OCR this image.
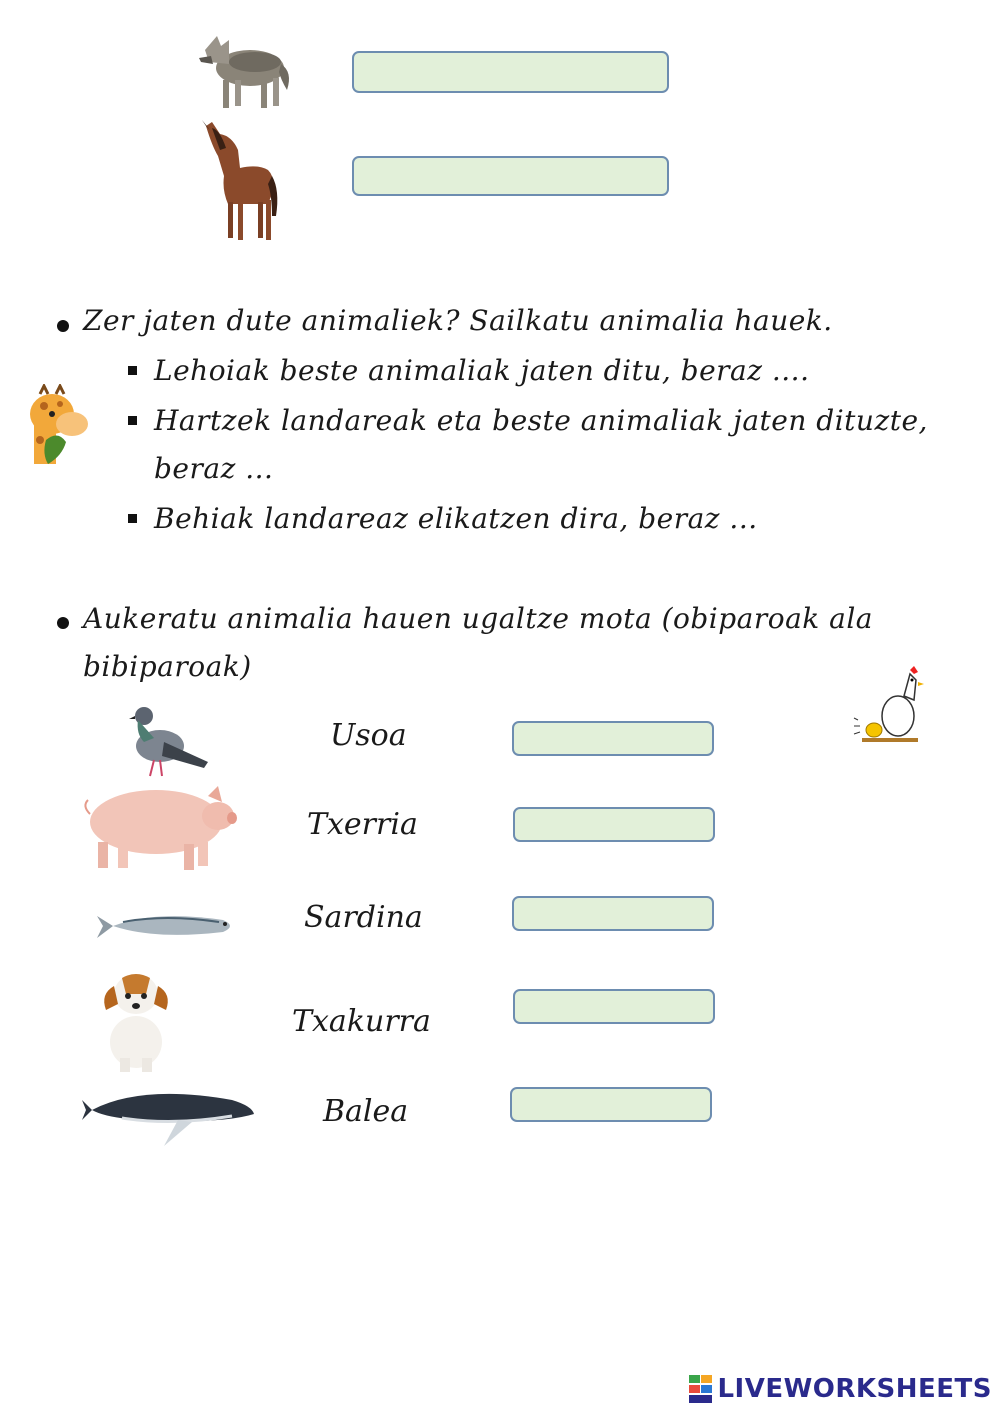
Zer jaten dute animaliek? Sailkatu animalia hauek.
Lehoiak beste animaliak jaten ditu, beraz ....
Hartzek landareak eta beste animaliak jaten dituzte,
beraz ...
Behiak landareaz elikatzen dira, beraz ...
Aukeratu animalia hauen ugaltze mota (obiparoak ala
bibiparoak)
Usoa
Txerria
Sardina
Txakurra
Balea
LIVEWORKSHEETS
